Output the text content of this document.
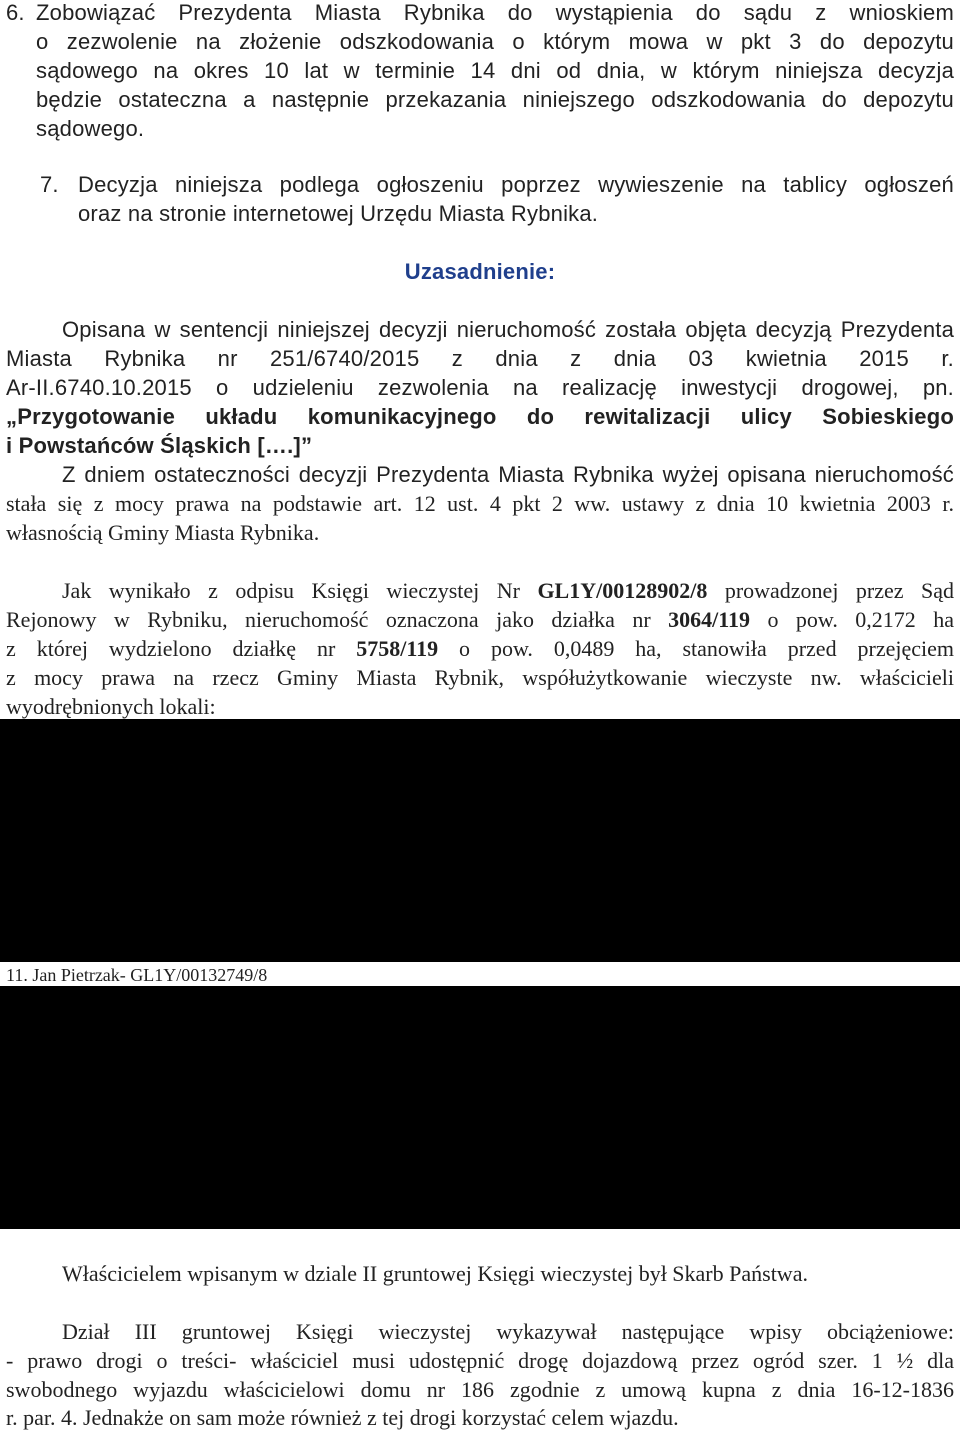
6. Zobowiązać Prezydenta Miasta Rybnika do wystąpienia do sądu z wnioskiem
o zezwolenie na złożenie odszkodowania o którym mowa w pkt 3 do depozytu
sądowego na okres 10 lat w terminie 14 dni od dnia, w którym niniejsza decyzja
będzie ostateczna a następnie przekazania niniejszego odszkodowania do depozytu
sądowego.
7. Decyzja niniejsza podlega ogłoszeniu poprzez wywieszenie na tablicy ogłoszeń
oraz na stronie internetowej Urzędu Miasta Rybnika.
Uzasadnienie:
Opisana w sentencji niniejszej decyzji nieruchomość została objęta decyzją Prezydenta
Miasta Rybnika nr 251/6740/2015 z dnia z dnia 03 kwietnia 2015 r.
Ar-II.6740.10.2015 o udzieleniu zezwolenia na realizację inwestycji drogowej, pn.
„Przygotowanie układu komunikacyjnego do rewitalizacji ulicy Sobieskiego
i Powstańców Śląskich [….]”
Z dniem ostateczności decyzji Prezydenta Miasta Rybnika wyżej opisana nieruchomość
stała się z mocy prawa na podstawie art. 12 ust. 4 pkt 2 ww. ustawy z dnia 10 kwietnia 2003 r.
własnością Gminy Miasta Rybnika.
Jak wynikało z odpisu Księgi wieczystej Nr GL1Y/00128902/8 prowadzonej przez Sąd
Rejonowy w Rybniku, nieruchomość oznaczona jako działka nr 3064/119 o pow. 0,2172 ha
z której wydzielono działkę nr 5758/119 o pow. 0,0489 ha, stanowiła przed przejęciem
z mocy prawa na rzecz Gminy Miasta Rybnik, współużytkowanie wieczyste nw. właścicieli
wyodrębnionych lokali:
11. Jan Pietrzak- GL1Y/00132749/8
Właścicielem wpisanym w dziale II gruntowej Księgi wieczystej był Skarb Państwa.
Dział III gruntowej Księgi wieczystej wykazywał następujące wpisy obciążeniowe:
- prawo drogi o treści- właściciel musi udostępnić drogę dojazdową przez ogród szer. 1 ½ dla
swobodnego wyjazdu właścicielowi domu nr 186 zgodnie z umową kupna z dnia 16-12-1836
r. par. 4. Jednakże on sam może również z tej drogi korzystać celem wjazdu.
